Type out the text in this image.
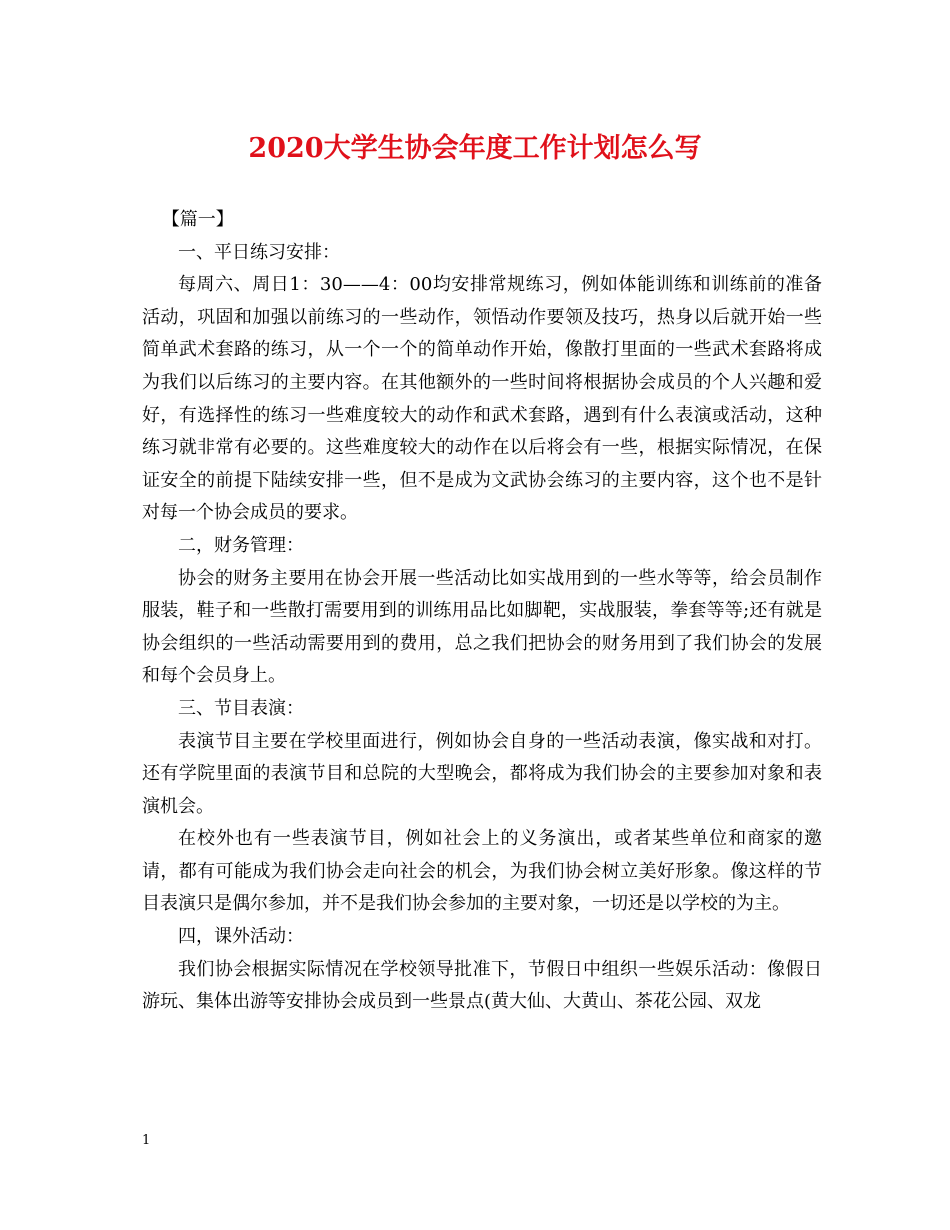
2020大学生协会年度工作计划怎么写

【篇一】

一、平日练习安排：

每周六、周日1：30——4：00均安排常规练习，例如体能训练和训练前的准备活动，巩固和加强以前练习的一些动作，领悟动作要领及技巧，热身以后就开始一些简单武术套路的练习，从一个一个的简单动作开始，像散打里面的一些武术套路将成为我们以后练习的主要内容。在其他额外的一些时间将根据协会成员的个人兴趣和爱好，有选择性的练习一些难度较大的动作和武术套路，遇到有什么表演或活动，这种练习就非常有必要的。这些难度较大的动作在以后将会有一些，根据实际情况，在保证安全的前提下陆续安排一些，但不是成为文武协会练习的主要内容，这个也不是针对每一个协会成员的要求。

二，财务管理：

协会的财务主要用在协会开展一些活动比如实战用到的一些水等等，给会员制作服装，鞋子和一些散打需要用到的训练用品比如脚靶，实战服装，拳套等等;还有就是协会组织的一些活动需要用到的费用，总之我们把协会的财务用到了我们协会的发展和每个会员身上。

三、节目表演：

表演节目主要在学校里面进行，例如协会自身的一些活动表演，像实战和对打。还有学院里面的表演节目和总院的大型晚会，都将成为我们协会的主要参加对象和表演机会。

在校外也有一些表演节目，例如社会上的义务演出，或者某些单位和商家的邀请，都有可能成为我们协会走向社会的机会，为我们协会树立美好形象。像这样的节目表演只是偶尔参加，并不是我们协会参加的主要对象，一切还是以学校的为主。

四，课外活动：

我们协会根据实际情况在学校领导批准下，节假日中组织一些娱乐活动：像假日游玩、集体出游等安排协会成员到一些景点(黄大仙、大黄山、茶花公园、双龙

1
